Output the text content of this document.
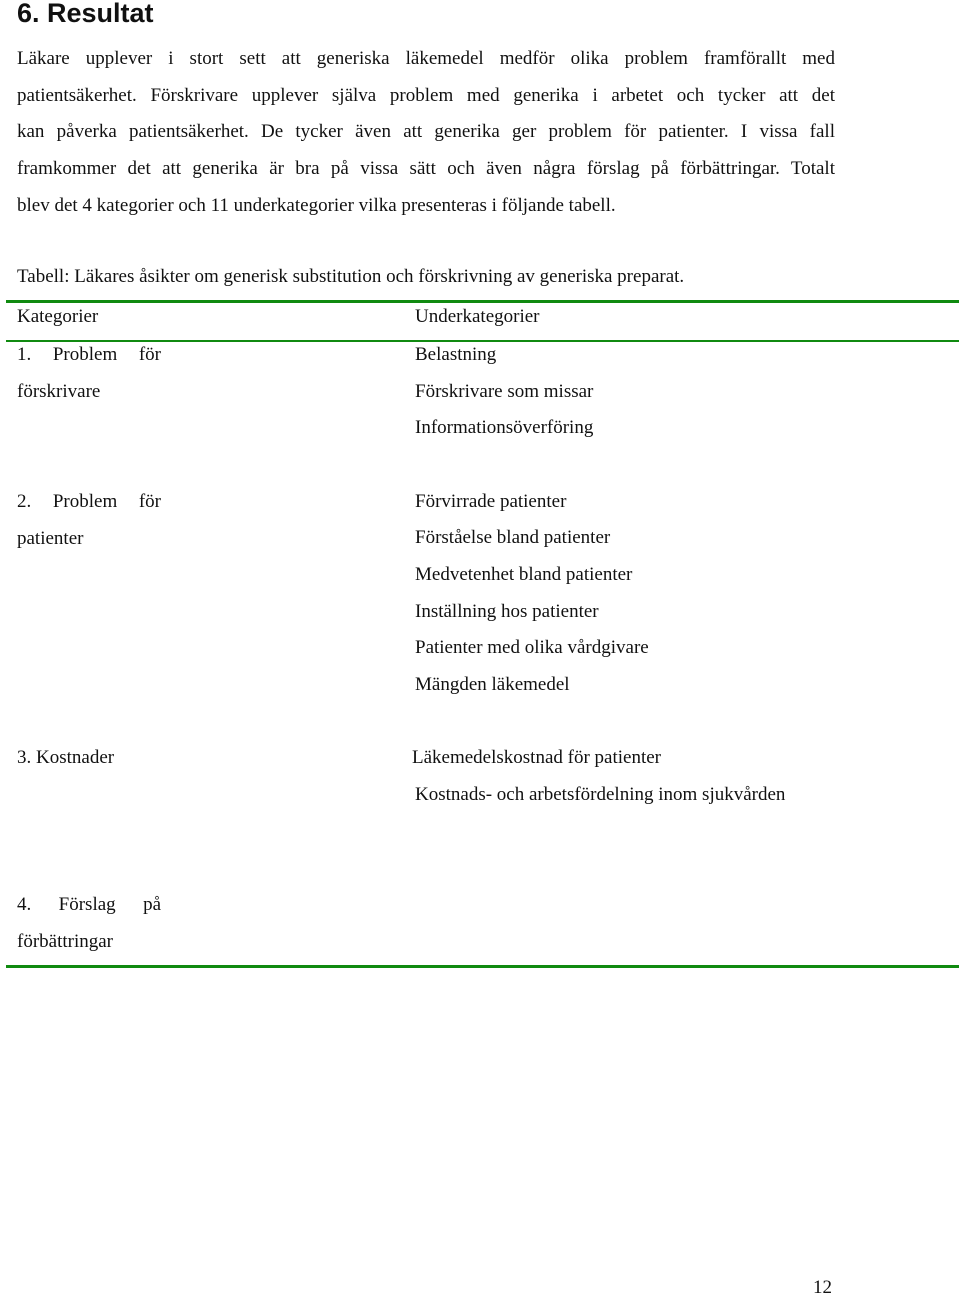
6. Resultat
Läkare upplever i stort sett att generiska läkemedel medför olika problem framförallt med
patientsäkerhet. Förskrivare upplever själva problem med generika i arbetet och tycker att det
kan påverka patientsäkerhet. De tycker även att generika ger problem för patienter. I vissa fall
framkommer det att generika är bra på vissa sätt och även några förslag på förbättringar. Totalt
blev det 4 kategorier och 11 underkategorier vilka presenteras i följande tabell.
Tabell: Läkares åsikter om generisk substitution och förskrivning av generiska preparat.
Kategorier	Underkategorier
1. Problem för
förskrivare
Belastning
Förskrivare som missar
Informationsöverföring
2. Problem för
patienter
Förvirrade patienter
Förståelse bland patienter
Medvetenhet bland patienter
Inställning hos patienter
Patienter med olika vårdgivare
Mängden läkemedel
3. Kostnader	Läkemedelskostnad för patienter
Kostnads- och arbetsfördelning inom sjukvården
4. Förslag på
förbättringar
12
